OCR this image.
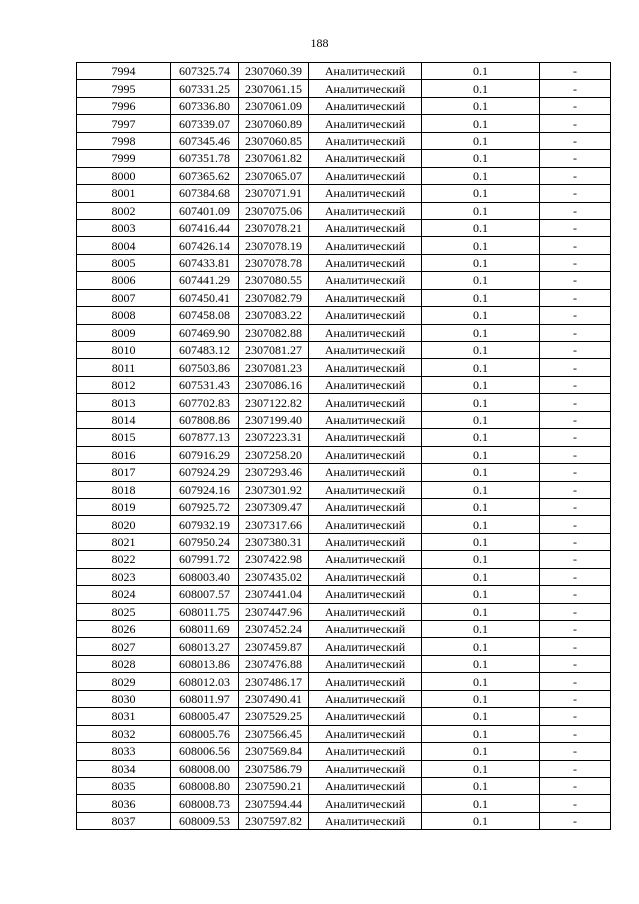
188
7994	607325.74	2307060.39	Аналитический	0.1	-
7995	607331.25	2307061.15	Аналитический	0.1	-
7996	607336.80	2307061.09	Аналитический	0.1	-
7997	607339.07	2307060.89	Аналитический	0.1	-
7998	607345.46	2307060.85	Аналитический	0.1	-
7999	607351.78	2307061.82	Аналитический	0.1	-
8000	607365.62	2307065.07	Аналитический	0.1	-
8001	607384.68	2307071.91	Аналитический	0.1	-
8002	607401.09	2307075.06	Аналитический	0.1	-
8003	607416.44	2307078.21	Аналитический	0.1	-
8004	607426.14	2307078.19	Аналитический	0.1	-
8005	607433.81	2307078.78	Аналитический	0.1	-
8006	607441.29	2307080.55	Аналитический	0.1	-
8007	607450.41	2307082.79	Аналитический	0.1	-
8008	607458.08	2307083.22	Аналитический	0.1	-
8009	607469.90	2307082.88	Аналитический	0.1	-
8010	607483.12	2307081.27	Аналитический	0.1	-
8011	607503.86	2307081.23	Аналитический	0.1	-
8012	607531.43	2307086.16	Аналитический	0.1	-
8013	607702.83	2307122.82	Аналитический	0.1	-
8014	607808.86	2307199.40	Аналитический	0.1	-
8015	607877.13	2307223.31	Аналитический	0.1	-
8016	607916.29	2307258.20	Аналитический	0.1	-
8017	607924.29	2307293.46	Аналитический	0.1	-
8018	607924.16	2307301.92	Аналитический	0.1	-
8019	607925.72	2307309.47	Аналитический	0.1	-
8020	607932.19	2307317.66	Аналитический	0.1	-
8021	607950.24	2307380.31	Аналитический	0.1	-
8022	607991.72	2307422.98	Аналитический	0.1	-
8023	608003.40	2307435.02	Аналитический	0.1	-
8024	608007.57	2307441.04	Аналитический	0.1	-
8025	608011.75	2307447.96	Аналитический	0.1	-
8026	608011.69	2307452.24	Аналитический	0.1	-
8027	608013.27	2307459.87	Аналитический	0.1	-
8028	608013.86	2307476.88	Аналитический	0.1	-
8029	608012.03	2307486.17	Аналитический	0.1	-
8030	608011.97	2307490.41	Аналитический	0.1	-
8031	608005.47	2307529.25	Аналитический	0.1	-
8032	608005.76	2307566.45	Аналитический	0.1	-
8033	608006.56	2307569.84	Аналитический	0.1	-
8034	608008.00	2307586.79	Аналитический	0.1	-
8035	608008.80	2307590.21	Аналитический	0.1	-
8036	608008.73	2307594.44	Аналитический	0.1	-
8037	608009.53	2307597.82	Аналитический	0.1	-
